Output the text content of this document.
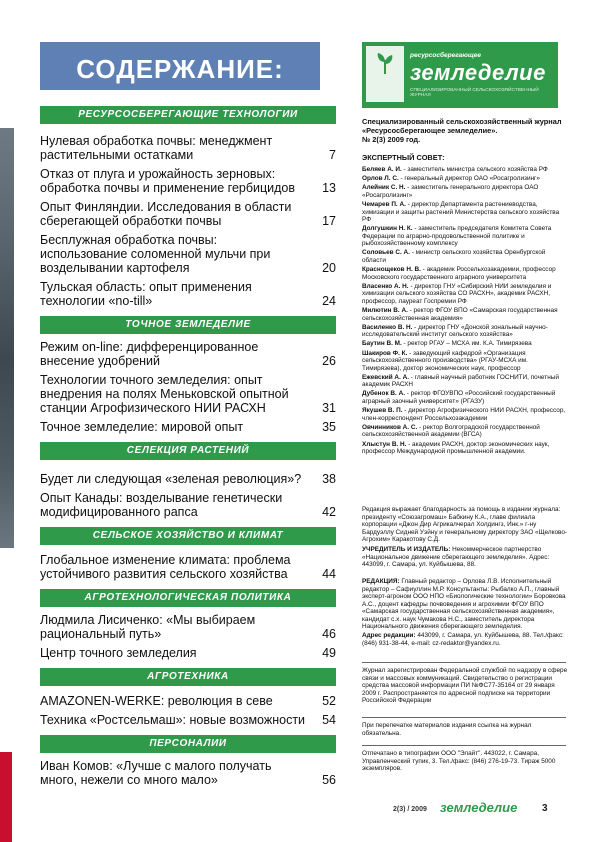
СОДЕРЖАНИЕ:
РЕСУРСОСБЕРЕГАЮЩИЕ ТЕХНОЛОГИИ
Нулевая обработка почвы: менеджмент растительными остатками	7
Отказ от плуга и урожайность зерновых: обработка почвы и применение гербицидов 13
Опыт Финляндии. Исследования в области сберегающей обработки почвы	17
Бесплужная обработка почвы: использование соломенной мульчи при возделывании картофеля	20
Тульская область: опыт применения технологии «no-till»	24
ТОЧНОЕ ЗЕМЛЕДЕЛИЕ
Режим on-line: дифференцированное внесение удобрений	26
Технологии точного земледелия: опыт внедрения на полях Меньковской опытной станции Агрофизического НИИ РАСХН	31
Точное земледелие: мировой опыт	35
СЕЛЕКЦИЯ РАСТЕНИЙ
Будет ли следующая «зеленая революция»? 38
Опыт Канады: возделывание генетически модифицированного рапса	42
СЕЛЬСКОЕ ХОЗЯЙСТВО И КЛИМАТ
Глобальное изменение климата: проблема устойчивого развития сельского хозяйства	44
АГРОТЕХНОЛОГИЧЕСКАЯ ПОЛИТИКА
Людмила Лисиченко: «Мы выбираем рациональный путь»	46
Центр точного земледелия	49
АГРОТЕХНИКА
AMAZONEN-WERKE: революция в севе	52
Техника «Ростсельмаш»: новые возможности 54
ПЕРСОНАЛИИ
Иван Комов: «Лучше с малого получать много, нежели со много мало»	56
ресурсосберегающее
земледелие
СПЕЦИАЛИЗИРОВАННЫЙ СЕЛЬСКОХОЗЯЙСТВЕННЫЙ ЖУРНАЛ
Специализированный сельскохозяйственный журнал
«Ресурсосберегающее земледелие».
№ 2(3) 2009 год.
ЭКСПЕРТНЫЙ СОВЕТ:

Беляев А. И. - заместитель министра сельского хозяйства РФ

Орлов Л. С. - генеральный директор ОАО «Росагролизинг»

Алейник С. Н. - заместитель генерального директора ОАО «Росагролизинг»

Чемарев П. А. - директор Департамента растениеводства, химизации и защиты растений Министерства сельского хозяйства РФ

Долгушкин Н. К. - заместитель председателя Комитета Совета Федерации по аграрно-продовольственной политике и рыбохозяйственному комплексу

Соловьев С. А. - министр сельского хозяйства Оренбургской области

Краснощеков Н. В. - академик Россельхозакадемии, профессор Московского государственного аграрного университета

Власенко А. Н. - директор ГНУ «Сибирский НИИ земледелия и химизации сельского хозяйства СО РАСХН», академик РАСХН, профессор, лауреат Госпремии РФ

Милютин В. А. - ректор ФГОУ ВПО «Самарская государственная сельскохозяйственная академия»

Василенко В. Н. - директор ГНУ «Донской зональный научно-исследовательский институт сельского хозяйства»

Баутин В. М. - ректор РГАУ – МСХА им. К.А. Тимирязева

Шакиров Ф. К. - заведующий кафедрой «Организация сельскохозяйственного производства» (РГАУ-МСХА им. Тимирязева), доктор экономических наук, профессор

Ежевский А. А. - главный научный работник ГОСНИТИ, почетный академик РАСХН

Дубенок В. А. - ректор ФГОУВПО «Российский государственный аграрный заочный университет» (РГАЗУ)

Якушев В. П. - директор Агрофизического НИИ РАСХН, профессор, член-корреспондент Россельхозакадемии

Овчинников А. С. - ректор Волгоградской государственной сельскохозяйственной академии (ВГСА)

Хлыстун В. Н. - академик РАСХН, доктор экономических наук, профессор Международной промышленной академии.

Редакция выражает благодарность за помощь в издании журнала: президенту «Союзагромаш» Бабкину К.А., главе филиала корпорации «Джон Дир Агрикалчерал Холдингз, Инк.» г-ну Бардуэллу Сидней Уэйну и генеральному директору ЗАО «Щелково-Агрохим» Каракотову С.Д.
УЧРЕДИТЕЛЬ И ИЗДАТЕЛЬ: Некоммерческое партнерство «Национальное движение сберегающего земледелия». Адрес: 443099, г. Самара, ул. Куйбышева, 88.
РЕДАКЦИЯ: Главный редактор – Орлова Л.В. Исполнительный редактор – Сафиуллин М.Р. Консультанты: Рыбалко А.П., главный эксперт-агроном ООО НПО «Биологические технологии» Боровкова А.С., доцент кафедры почвоведения и агрохимии ФГОУ ВПО «Самарская государственная сельскохозяйственная академия», кандидат с.х. наук Чумакова Н.С., заместитель директора Национального движения сберегающего земледелия.
Адрес редакции: 443099, г. Самара, ул. Куйбышева, 88. Тел./факс: (846) 931-38-44, e-mail: cz-redaktor@yandex.ru.
Журнал зарегистрирован Федеральной службой по надзору в сфере связи и массовых коммуникаций. Свидетельство о регистрации средства массовой информации ПИ №ФС77-35164 от 29 января 2009 г. Распространяется по адресной подписке на территории Российской Федерации
При перепечатке материалов издания ссылка на журнал обязательна.
Отпечатано в типографии ООО "Элайт". 443022, г. Самара, Управленческий тупик, 3. Тел./факс: (846) 276-19-73. Тираж 5000 экземпляров.
2(3) / 2009 земледелие 3
